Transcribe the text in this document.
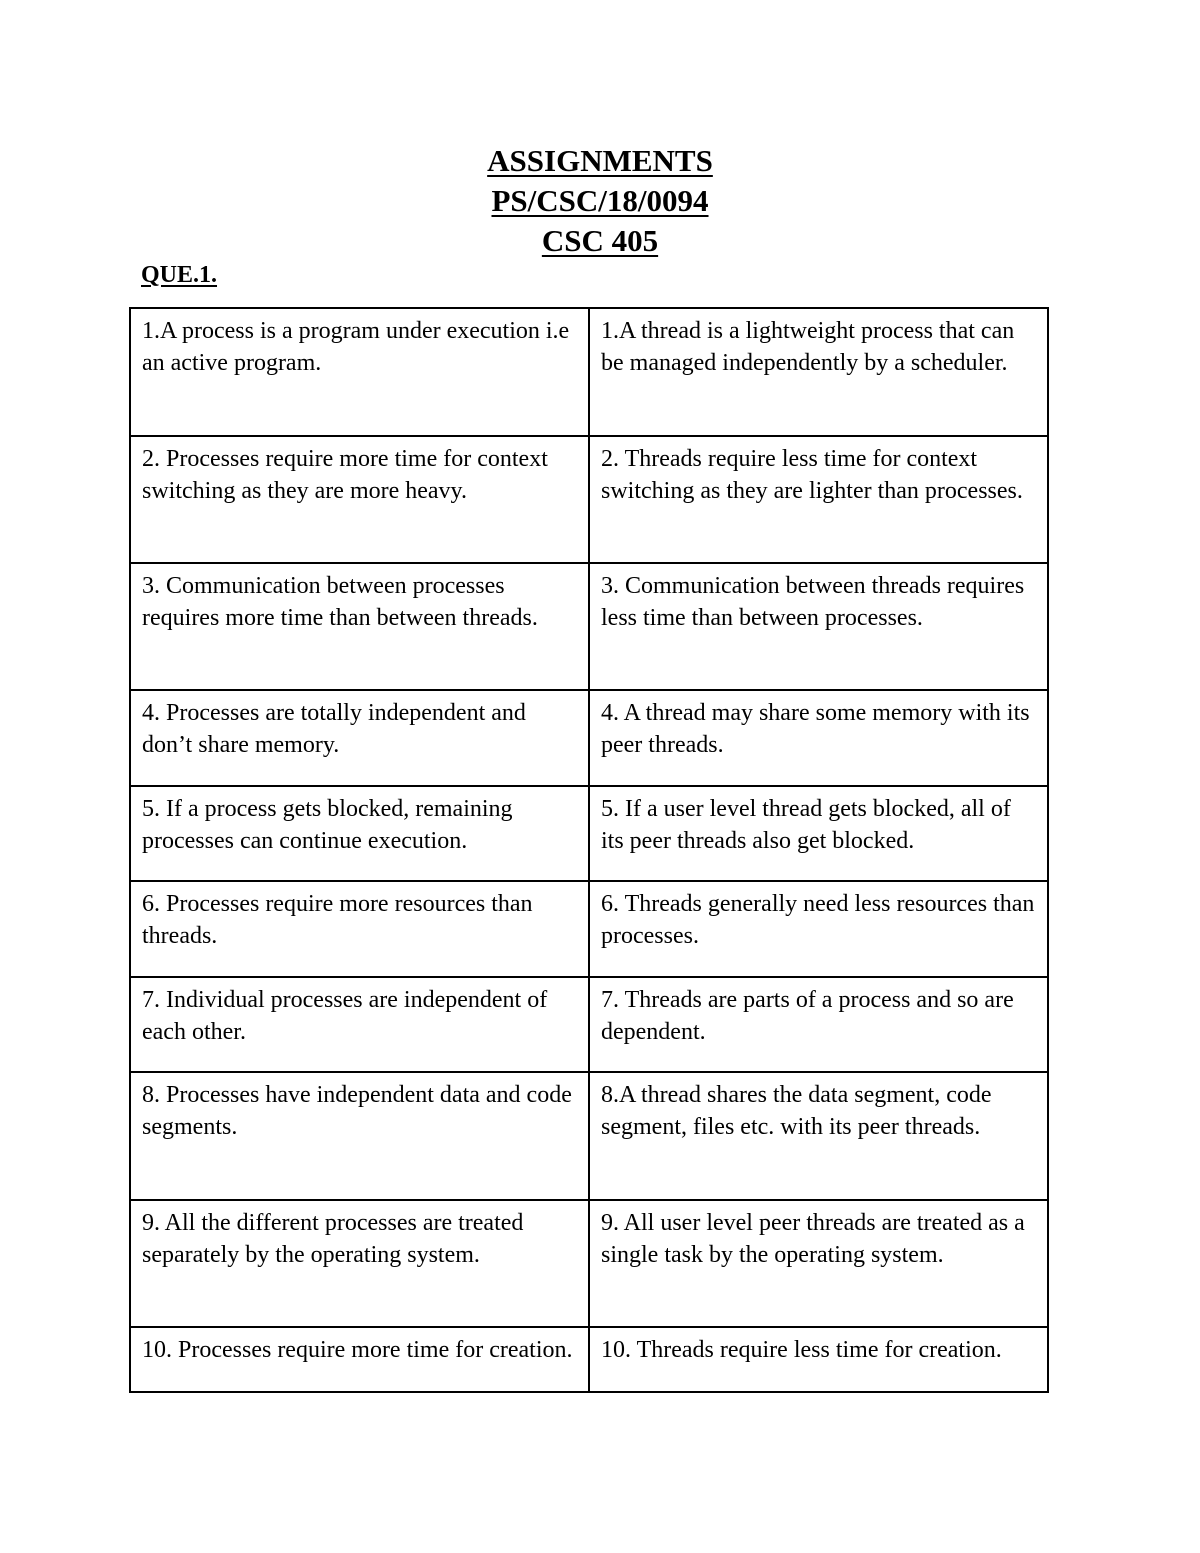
ASSIGNMENTS
PS/CSC/18/0094
CSC 405
QUE.1.
1.A process is a program under execution i.e an active program.	1.A thread is a lightweight process that can be managed independently by a scheduler.
2. Processes require more time for context switching as they are more heavy.	2. Threads require less time for context switching as they are lighter than processes.
3. Communication between processes requires more time than between threads.	3. Communication between threads requires less time than between processes.
4. Processes are totally independent and don’t share memory.	4. A thread may share some memory with its peer threads.
5. If a process gets blocked, remaining processes can continue execution.	5. If a user level thread gets blocked, all of its peer threads also get blocked.
6. Processes require more resources than threads.	6. Threads generally need less resources than processes.
7. Individual processes are independent of each other.	7. Threads are parts of a process and so are dependent.
8. Processes have independent data and code segments.	8.A thread shares the data segment, code segment, files etc. with its peer threads.
9. All the different processes are treated separately by the operating system.	9. All user level peer threads are treated as a single task by the operating system.
10. Processes require more time for creation.	10. Threads require less time for creation.
